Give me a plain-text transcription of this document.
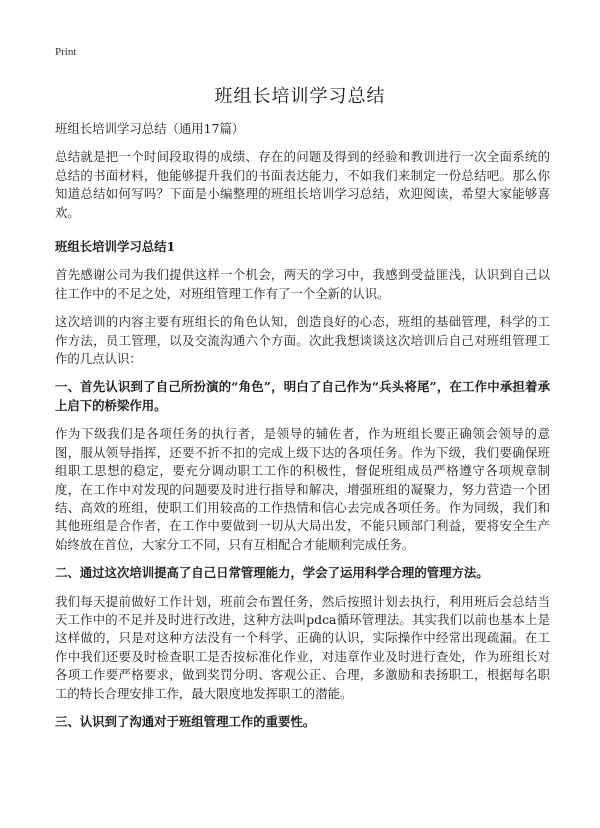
Print
班组长培训学习总结

班组长培训学习总结（通用17篇）

总结就是把一个时间段取得的成绩、存在的问题及得到的经验和教训进行一次全面系统的总结的书面材料，他能够提升我们的书面表达能力，不如我们来制定一份总结吧。那么你知道总结如何写吗？下面是小编整理的班组长培训学习总结，欢迎阅读，希望大家能够喜欢。

班组长培训学习总结1

首先感谢公司为我们提供这样一个机会，两天的学习中，我感到受益匪浅，认识到自己以往工作中的不足之处，对班组管理工作有了一个全新的认识。

这次培训的内容主要有班组长的角色认知，创造良好的心态，班组的基础管理，科学的工作方法，员工管理，以及交流沟通六个方面。次此我想谈谈这次培训后自己对班组管理工作的几点认识：

一、首先认识到了自己所扮演的“角色”，明白了自己作为“兵头将尾”，在工作中承担着承上启下的桥梁作用。

作为下级我们是各项任务的执行者，是领导的辅佐者，作为班组长要正确领会领导的意图，服从领导指挥，还要不折不扣的完成上级下达的各项任务。作为下级，我们要确保班组职工思想的稳定，要充分调动职工工作的积极性，督促班组成员严格遵守各项规章制度，在工作中对发现的问题要及时进行指导和解决，增强班组的凝聚力，努力营造一个团结、高效的班组，使职工们用较高的工作热情和信心去完成各项任务。作为同级，我们和其他班组是合作者，在工作中要做到一切从大局出发，不能只顾部门利益，要将安全生产始终放在首位，大家分工不同，只有互相配合才能顺利完成任务。

二、通过这次培训提高了自己日常管理能力，学会了运用科学合理的管理方法。

我们每天提前做好工作计划，班前会布置任务，然后按照计划去执行，利用班后会总结当天工作中的不足并及时进行改进，这种方法叫pdca循环管理法。其实我们以前也基本上是这样做的，只是对这种方法没有一个科学、正确的认识，实际操作中经常出现疏漏。在工作中我们还要及时检查职工是否按标准化作业，对违章作业及时进行查处，作为班组长对各项工作要严格要求，做到奖罚分明、客观公正、合理，多激励和表扬职工，根据每名职工的特长合理安排工作，最大限度地发挥职工的潜能。

三、认识到了沟通对于班组管理工作的重要性。
